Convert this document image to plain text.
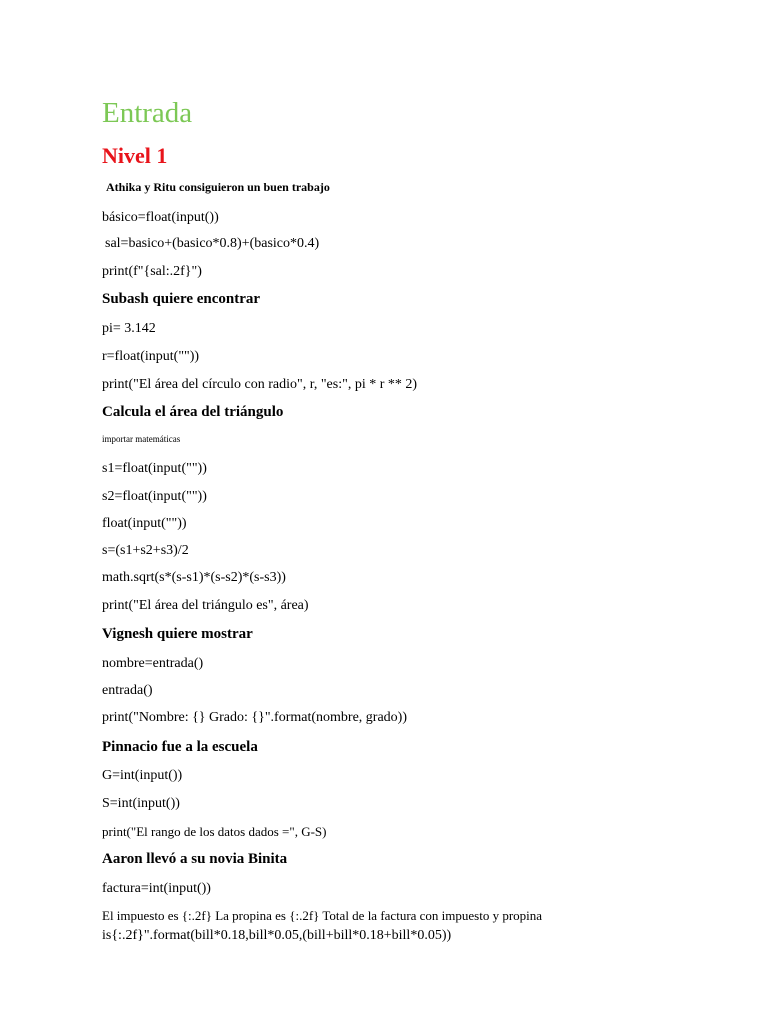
Entrada
Nivel 1
Athika y Ritu consiguieron un buen trabajo
básico=float(input())
sal=basico+(basico*0.8)+(basico*0.4)
print(f"{sal:.2f}")
Subash quiere encontrar
pi= 3.142
r=float(input(""))
print("El área del círculo con radio", r, "es:", pi * r ** 2)
Calcula el área del triángulo
importar matemáticas
s1=float(input(""))
s2=float(input(""))
float(input(""))
s=(s1+s2+s3)/2
math.sqrt(s*(s-s1)*(s-s2)*(s-s3))
print("El área del triángulo es", área)
Vignesh quiere mostrar
nombre=entrada()
entrada()
print("Nombre: {} Grado: {}".format(nombre, grado))
Pinnacio fue a la escuela
G=int(input())
S=int(input())
print("El rango de los datos dados =", G-S)
Aaron llevó a su novia Binita
factura=int(input())
El impuesto es {:.2f} La propina es {:.2f} Total de la factura con impuesto y propina
is{:.2f}".format(bill*0.18,bill*0.05,(bill+bill*0.18+bill*0.05))
